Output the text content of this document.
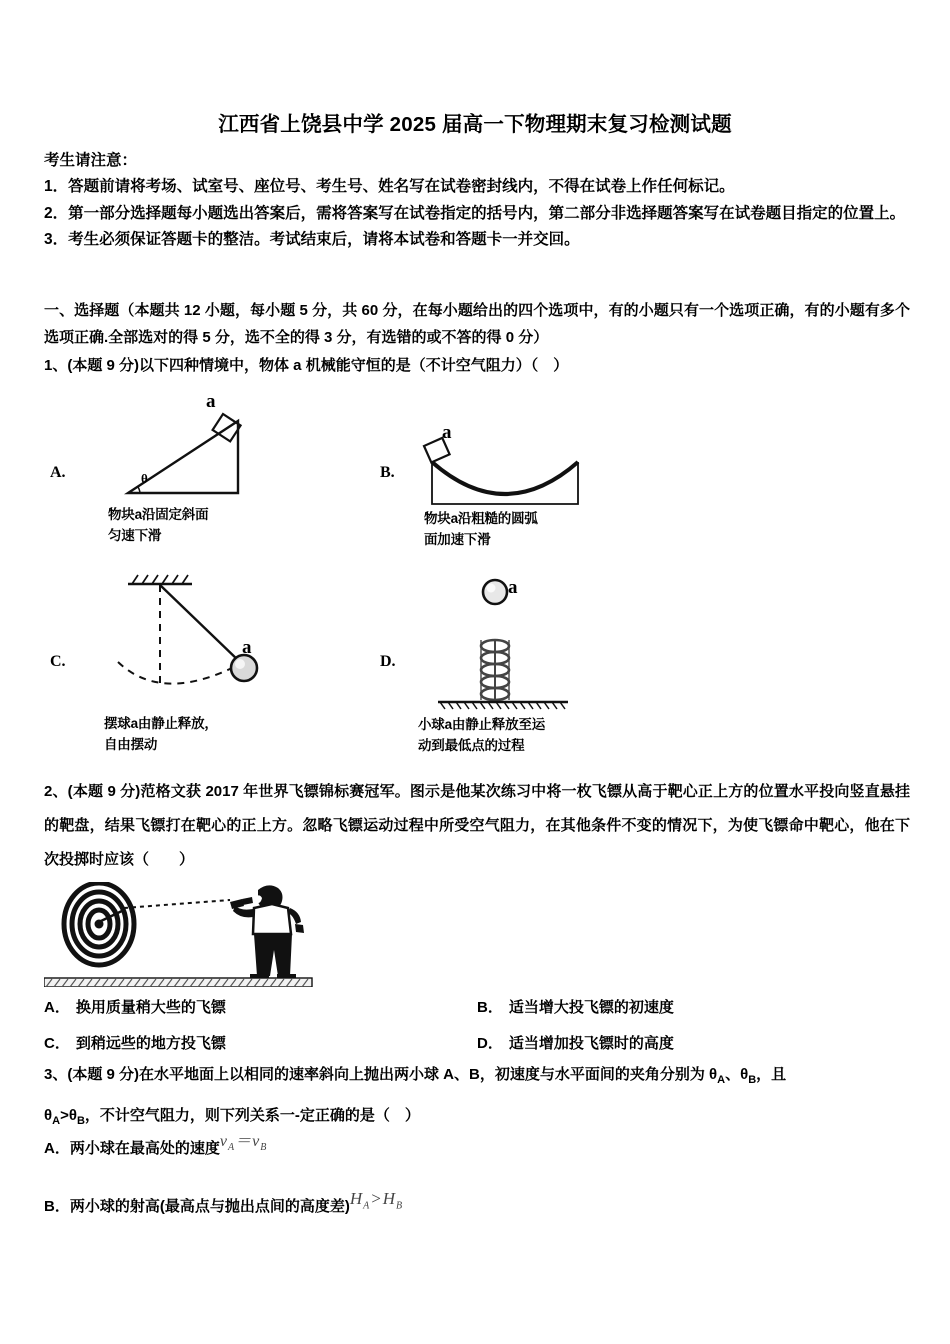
江西省上饶县中学 2025 届高一下物理期末复习检测试题
考生请注意：
1．答题前请将考场、试室号、座位号、考生号、姓名写在试卷密封线内，不得在试卷上作任何标记。
2．第一部分选择题每小题选出答案后，需将答案写在试卷指定的括号内，第二部分非选择题答案写在试卷题目指定的位置上。
3．考生必须保证答题卡的整洁。考试结束后，请将本试卷和答题卡一并交回。
一、选择题（本题共 12 小题，每小题 5 分，共 60 分，在每小题给出的四个选项中，有的小题只有一个选项正确，有的小题有多个选项正确.全部选对的得 5 分，选不全的得 3 分，有选错的或不答的得 0 分）
1、(本题 9 分)以下四种情境中，物体 a 机械能守恒的是（不计空气阻力）（　）
A.
a
θ
物块a沿固定斜面
匀速下滑
B.
a
物块a沿粗糙的圆弧
面加速下滑
C.
a
摆球a由静止释放，
自由摆动
D.
a
小球a由静止释放至运
动到最低点的过程
2、(本题 9 分)范格文获 2017 年世界飞镖锦标赛冠军。图示是他某次练习中将一枚飞镖从高于靶心正上方的位置水平投向竖直悬挂的靶盘，结果飞镖打在靶心的正上方。忽略飞镖运动过程中所受空气阻力，在其他条件不变的情况下，为使飞镖命中靶心，他在下次投掷时应该（　　）
A． 换用质量稍大些的飞镖	B． 适当增大投飞镖的初速度
C． 到稍远些的地方投飞镖	D． 适当增加投飞镖时的高度
3、(本题 9 分)在水平地面上以相同的速率斜向上抛出两小球 A、B，初速度与水平面间的夹角分别为 $\theta_A$、$\theta_B$，且
$\theta_A>\theta_B$，不计空气阻力，则下列关系一-定正确的是（　）
A．两小球在最高处的速度$v_A=v_B$
B．两小球的射高(最高点与抛出点间的高度差)$H_A>H_B$
